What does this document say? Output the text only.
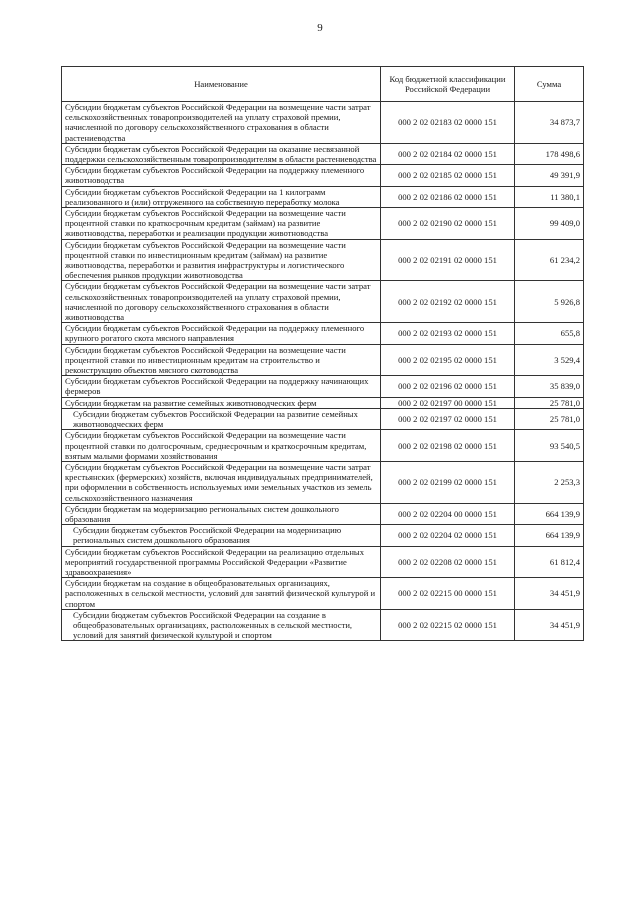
9
Наименование	Код бюджетной классификации Российской Федерации	Сумма
Субсидии бюджетам субъектов Российской Федерации на возмещение части затрат сельскохозяйственных товаропроизводителей на уплату страховой премии, начисленной по договору сельскохозяйственного страхования в области растениеводства	000 2 02 02183 02 0000 151	34 873,7
Субсидии бюджетам субъектов Российской Федерации на оказание несвязанной поддержки сельскохозяйственным товаропроизводителям в области растениеводства	000 2 02 02184 02 0000 151	178 498,6
Субсидии бюджетам субъектов Российской Федерации на поддержку племенного животноводства	000 2 02 02185 02 0000 151	49 391,9
Субсидии бюджетам субъектов Российской Федерации на 1 килограмм реализованного и (или) отгруженного на собственную переработку молока	000 2 02 02186 02 0000 151	11 380,1
Субсидии бюджетам субъектов Российской Федерации на возмещение части процентной ставки по краткосрочным кредитам (займам) на развитие животноводства, переработки и реализации продукции животноводства	000 2 02 02190 02 0000 151	99 409,0
Субсидии бюджетам субъектов Российской Федерации на возмещение части процентной ставки по инвестиционным кредитам (займам) на развитие животноводства, переработки и развития инфраструктуры и логистического обеспечения рынков продукции животноводства	000 2 02 02191 02 0000 151	61 234,2
Субсидии бюджетам субъектов Российской Федерации на возмещение части затрат сельскохозяйственных товаропроизводителей на уплату страховой премии, начисленной по договору сельскохозяйственного страхования в области животноводства	000 2 02 02192 02 0000 151	5 926,8
Субсидии бюджетам субъектов Российской Федерации на поддержку племенного крупного рогатого скота мясного направления	000 2 02 02193 02 0000 151	655,8
Субсидии бюджетам субъектов Российской Федерации на возмещение части процентной ставки по инвестиционным кредитам на строительство и реконструкцию объектов мясного скотоводства	000 2 02 02195 02 0000 151	3 529,4
Субсидии бюджетам субъектов Российской Федерации на поддержку начинающих фермеров	000 2 02 02196 02 0000 151	35 839,0
Субсидии бюджетам на развитие семейных животноводческих ферм	000 2 02 02197 00 0000 151	25 781,0
Субсидии бюджетам субъектов Российской Федерации на развитие семейных животноводческих ферм	000 2 02 02197 02 0000 151	25 781,0
Субсидии бюджетам субъектов Российской Федерации на возмещение части процентной ставки по долгосрочным, среднесрочным и краткосрочным кредитам, взятым малыми формами хозяйствования	000 2 02 02198 02 0000 151	93 540,5
Субсидии бюджетам субъектов Российской Федерации на возмещение части затрат крестьянских (фермерских) хозяйств, включая индивидуальных предпринимателей, при оформлении в собственность используемых ими земельных участков из земель сельскохозяйственного назначения	000 2 02 02199 02 0000 151	2 253,3
Субсидии бюджетам на модернизацию региональных систем дошкольного образования	000 2 02 02204 00 0000 151	664 139,9
Субсидии бюджетам субъектов Российской Федерации на модернизацию региональных систем дошкольного образования	000 2 02 02204 02 0000 151	664 139,9
Субсидии бюджетам субъектов Российской Федерации на реализацию отдельных мероприятий государственной программы Российской Федерации «Развитие здравоохранения»	000 2 02 02208 02 0000 151	61 812,4
Субсидии бюджетам на создание в общеобразовательных организациях, расположенных в сельской местности, условий для занятий физической культурой и спортом	000 2 02 02215 00 0000 151	34 451,9
Субсидии бюджетам субъектов Российской Федерации на создание в общеобразовательных организациях, расположенных в сельской местности, условий для занятий физической культурой и спортом	000 2 02 02215 02 0000 151	34 451,9
